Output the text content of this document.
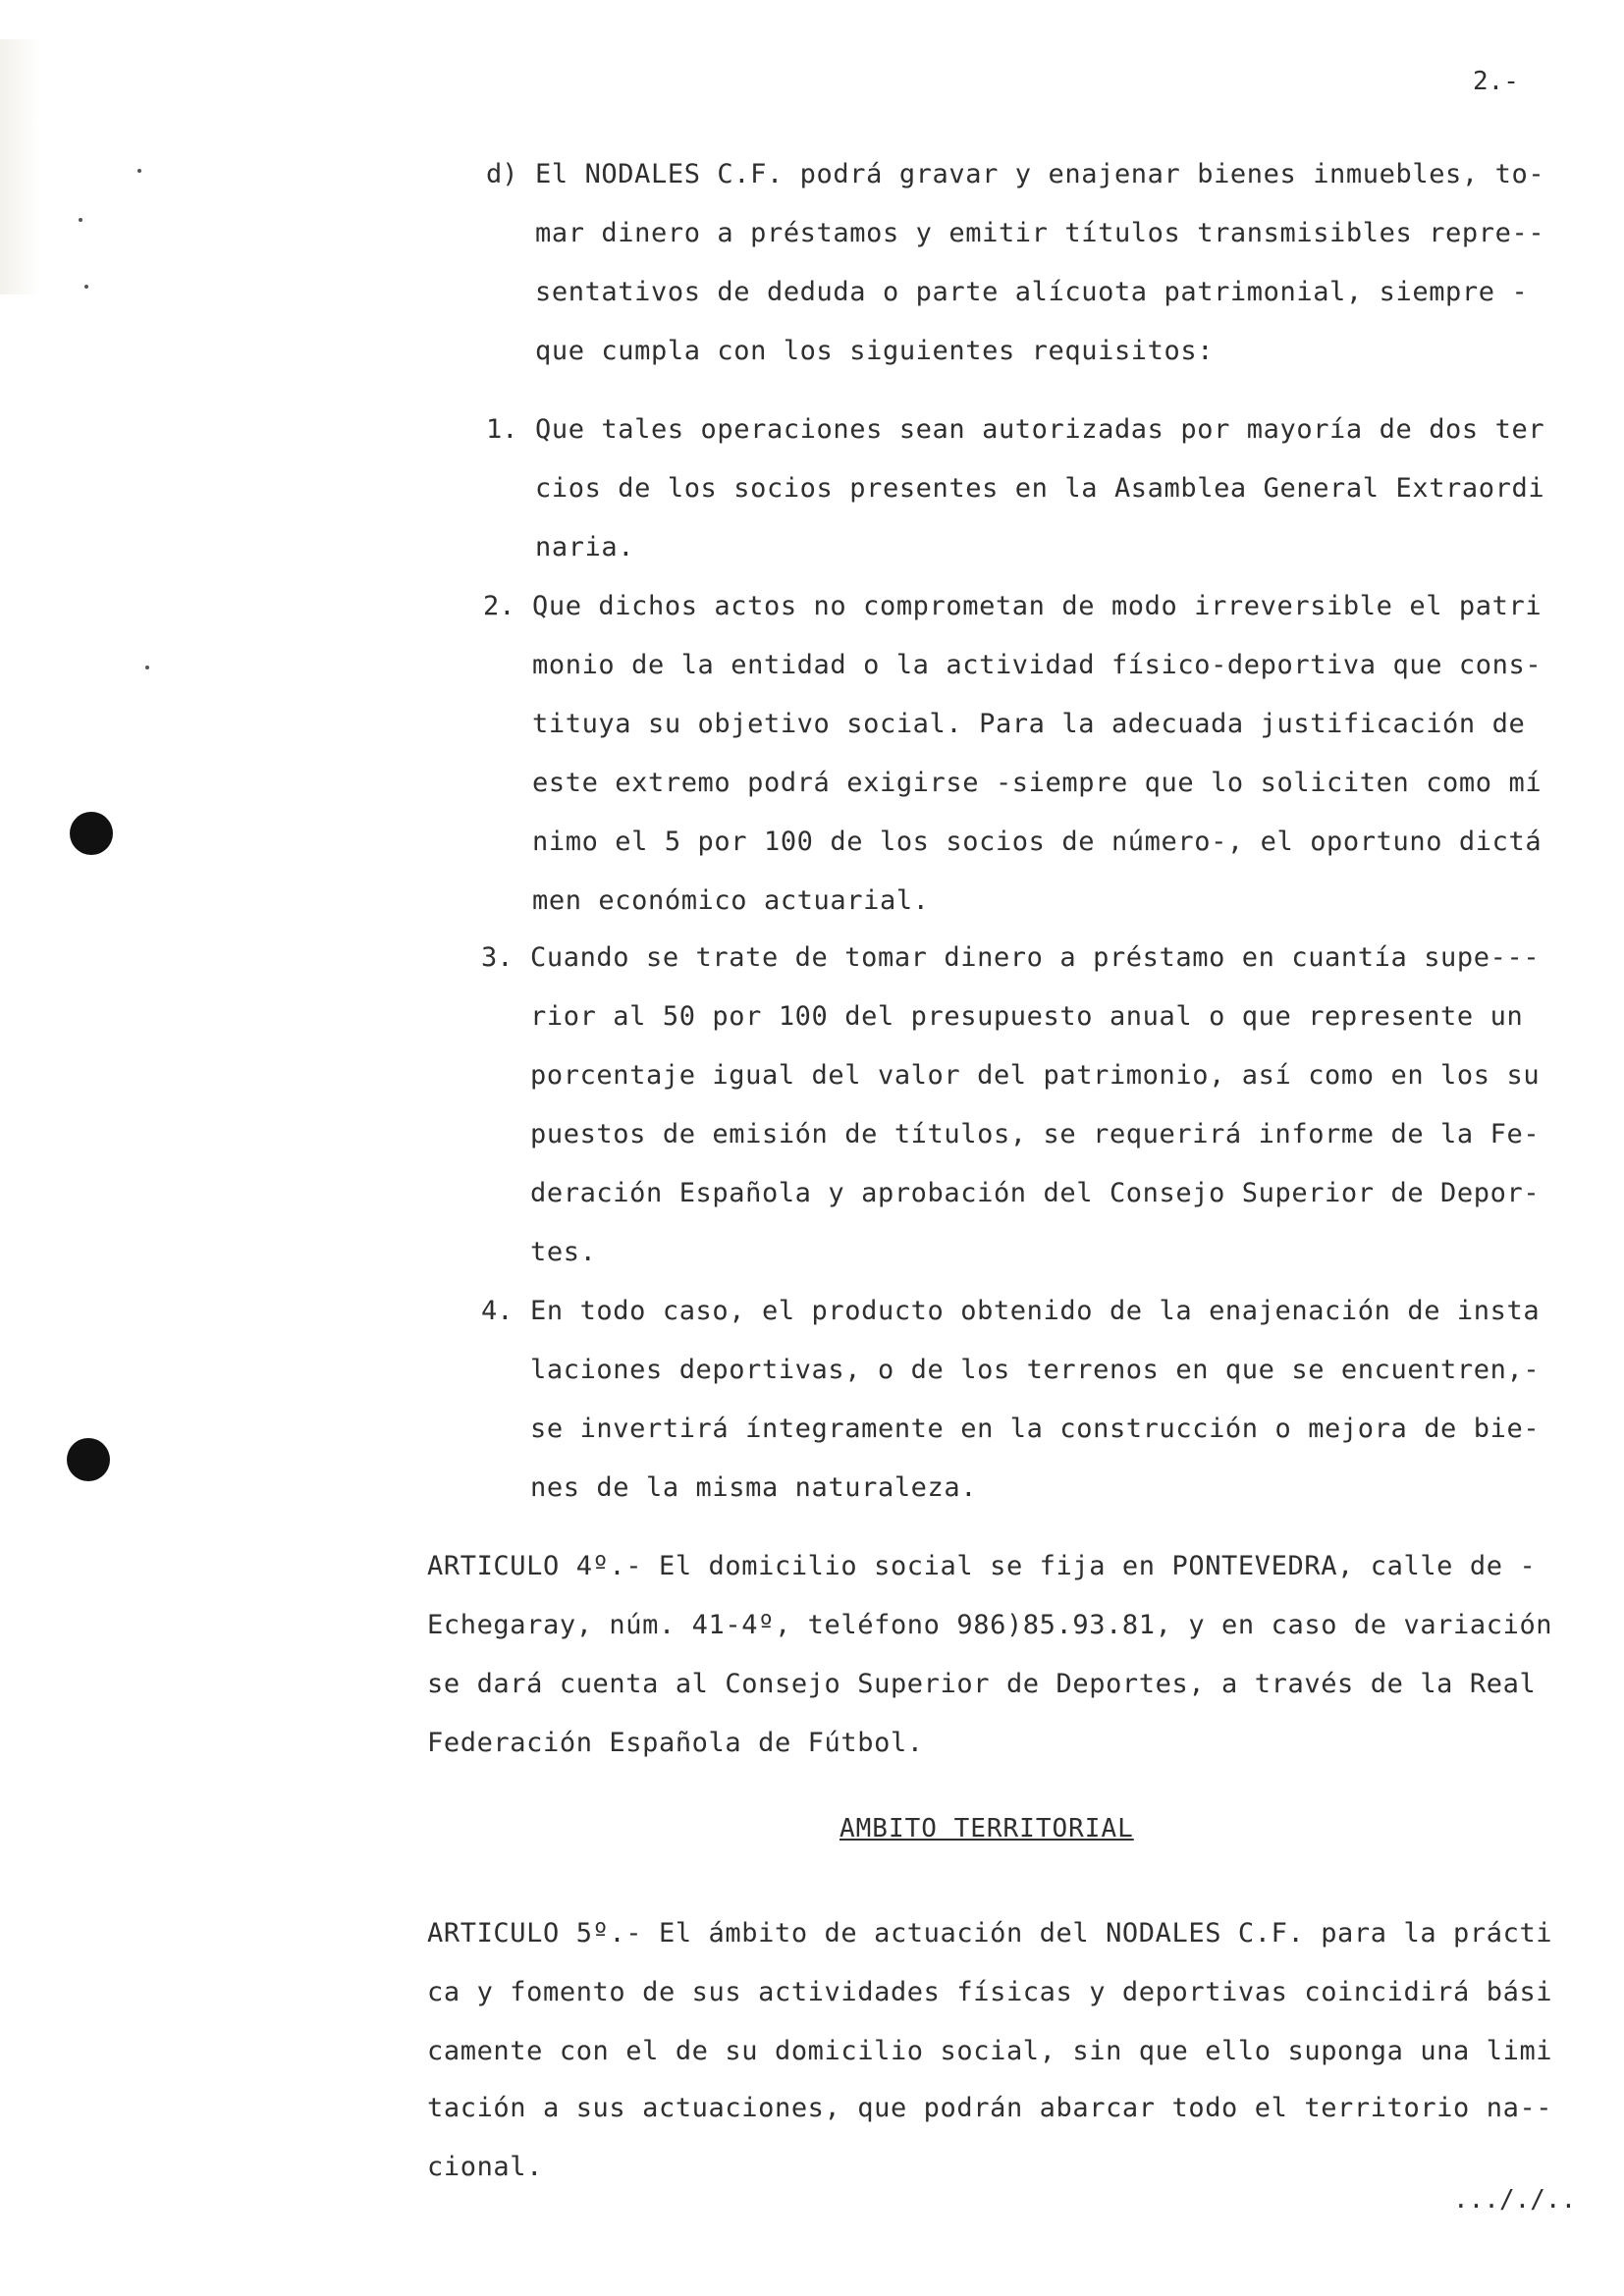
2.-
d) El NODALES C.F. podrá gravar y enajenar bienes inmuebles, to-

mar dinero a préstamos y emitir títulos transmisibles repre--

sentativos de deduda o parte alícuota patrimonial, siempre -

que cumpla con los siguientes requisitos:

1. Que tales operaciones sean autorizadas por mayoría de dos ter

cios de los socios presentes en la Asamblea General Extraordi

naria.

2. Que dichos actos no comprometan de modo irreversible el patri

monio de la entidad o la actividad físico-deportiva que cons-

tituya su objetivo social. Para la adecuada justificación de

este extremo podrá exigirse -siempre que lo soliciten como mí

nimo el 5 por 100 de los socios de número-, el oportuno dictá

men económico actuarial.

3. Cuando se trate de tomar dinero a préstamo en cuantía supe---

rior al 50 por 100 del presupuesto anual o que represente un

porcentaje igual del valor del patrimonio, así como en los su

puestos de emisión de títulos, se requerirá informe de la Fe-

deración Española y aprobación del Consejo Superior de Depor-

tes.

4. En todo caso, el producto obtenido de la enajenación de insta

laciones deportivas, o de los terrenos en que se encuentren,-

se invertirá íntegramente en la construcción o mejora de bie-

nes de la misma naturaleza.

ARTICULO 4º.- El domicilio social se fija en PONTEVEDRA, calle de -

Echegaray, núm. 41-4º, teléfono 986)85.93.81, y en caso de variación

se dará cuenta al Consejo Superior de Deportes, a través de la Real

Federación Española de Fútbol.

AMBITO TERRITORIAL

ARTICULO 5º.- El ámbito de actuación del NODALES C.F. para la prácti

ca y fomento de sus actividades físicas y deportivas coincidirá bási

camente con el de su domicilio social, sin que ello suponga una limi

tación a sus actuaciones, que podrán abarcar todo el territorio na--

cional.

..././..
